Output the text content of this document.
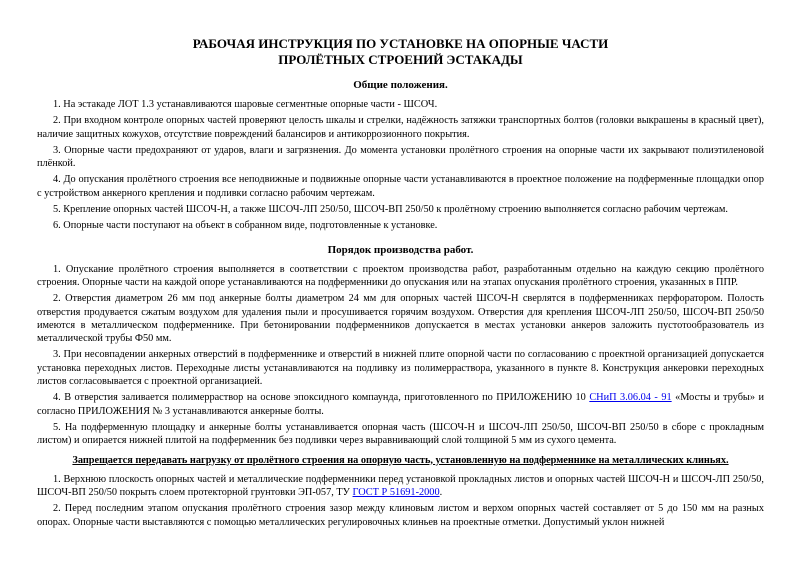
РАБОЧАЯ ИНСТРУКЦИЯ ПО УСТАНОВКЕ НА ОПОРНЫЕ ЧАСТИ
ПРОЛЁТНЫХ СТРОЕНИЙ ЭСТАКАДЫ
Общие положения.

1. На эстакаде ЛОТ 1.3 устанавливаются шаровые сегментные опорные части - ШСОЧ.

2. При входном контроле опорных частей проверяют целость шкалы и стрелки, надёжность затяжки транспортных болтов (головки выкрашены в красный цвет), наличие защитных кожухов, отсутствие повреждений балансиров и антикоррозионного покрытия.

3. Опорные части предохраняют от ударов, влаги и загрязнения. До момента установки пролётного строения на опорные части их закрывают полиэтиленовой плёнкой.

4. До опускания пролётного строения все неподвижные и подвижные опорные части устанавливаются в проектное положение на подферменные площадки опор с устройством анкерного крепления и подливки согласно рабочим чертежам.

5. Крепление опорных частей ШСОЧ-Н, а также ШСОЧ-ЛП 250/50, ШСОЧ-ВП 250/50 к пролётному строению выполняется согласно рабочим чертежам.

6. Опорные части поступают на объект в собранном виде, подготовленные к установке.

Порядок производства работ.

1. Опускание пролётного строения выполняется в соответствии с проектом производства работ, разработанным отдельно на каждую секцию пролётного строения. Опорные части на каждой опоре устанавливаются на подферменники до опускания или на этапах опускания пролётного строения, указанных в ППР.

2. Отверстия диаметром 26 мм под анкерные болты диаметром 24 мм для опорных частей ШСОЧ-Н сверлятся в подферменниках перфоратором. Полость отверстия продувается сжатым воздухом для удаления пыли и просушивается горячим воздухом. Отверстия для крепления ШСОЧ-ЛП 250/50, ШСОЧ-ВП 250/50 имеются в металлическом подферменнике. При бетонировании подферменников допускается в местах установки анкеров заложить пустотообразователь из металлической трубы Ф50 мм.

3. При несовпадении анкерных отверстий в подферменнике и отверстий в нижней плите опорной части по согласованию с проектной организацией допускается установка переходных листов. Переходные листы устанавливаются на подливку из полимерраствора, указанного в пункте 8. Конструкция анкеровки переходных листов согласовывается с проектной организацией.

4. В отверстия заливается полимерраствор на основе эпоксидного компаунда, приготовленного по ПРИЛОЖЕНИЮ 10 СНиП 3.06.04 - 91 «Мосты и трубы» и согласно ПРИЛОЖЕНИЯ № 3 устанавливаются анкерные болты.

5. На подферменную площадку и анкерные болты устанавливается опорная часть (ШСОЧ-Н и ШСОЧ-ЛП 250/50, ШСОЧ-ВП 250/50 в сборе с прокладным листом) и опирается нижней плитой на подферменник без подливки через выравнивающий слой толщиной 5 мм из сухого цемента.

Запрещается передавать нагрузку от пролётного строения на опорную часть, установленную на подферменнике на металлических клиньях.

1. Верхнюю плоскость опорных частей и металлические подферменники перед установкой прокладных листов и опорных частей ШСОЧ-Н и ШСОЧ-ЛП 250/50, ШСОЧ-ВП 250/50 покрыть слоем протекторной грунтовки ЭП-057, ТУ ГОСТ Р 51691-2000.

2. Перед последним этапом опускания пролётного строения зазор между клиновым листом и верхом опорных частей составляет от 5 до 150 мм на разных опорах. Опорные части выставляются с помощью металлических регулировочных клиньев на проектные отметки. Допустимый уклон нижней
